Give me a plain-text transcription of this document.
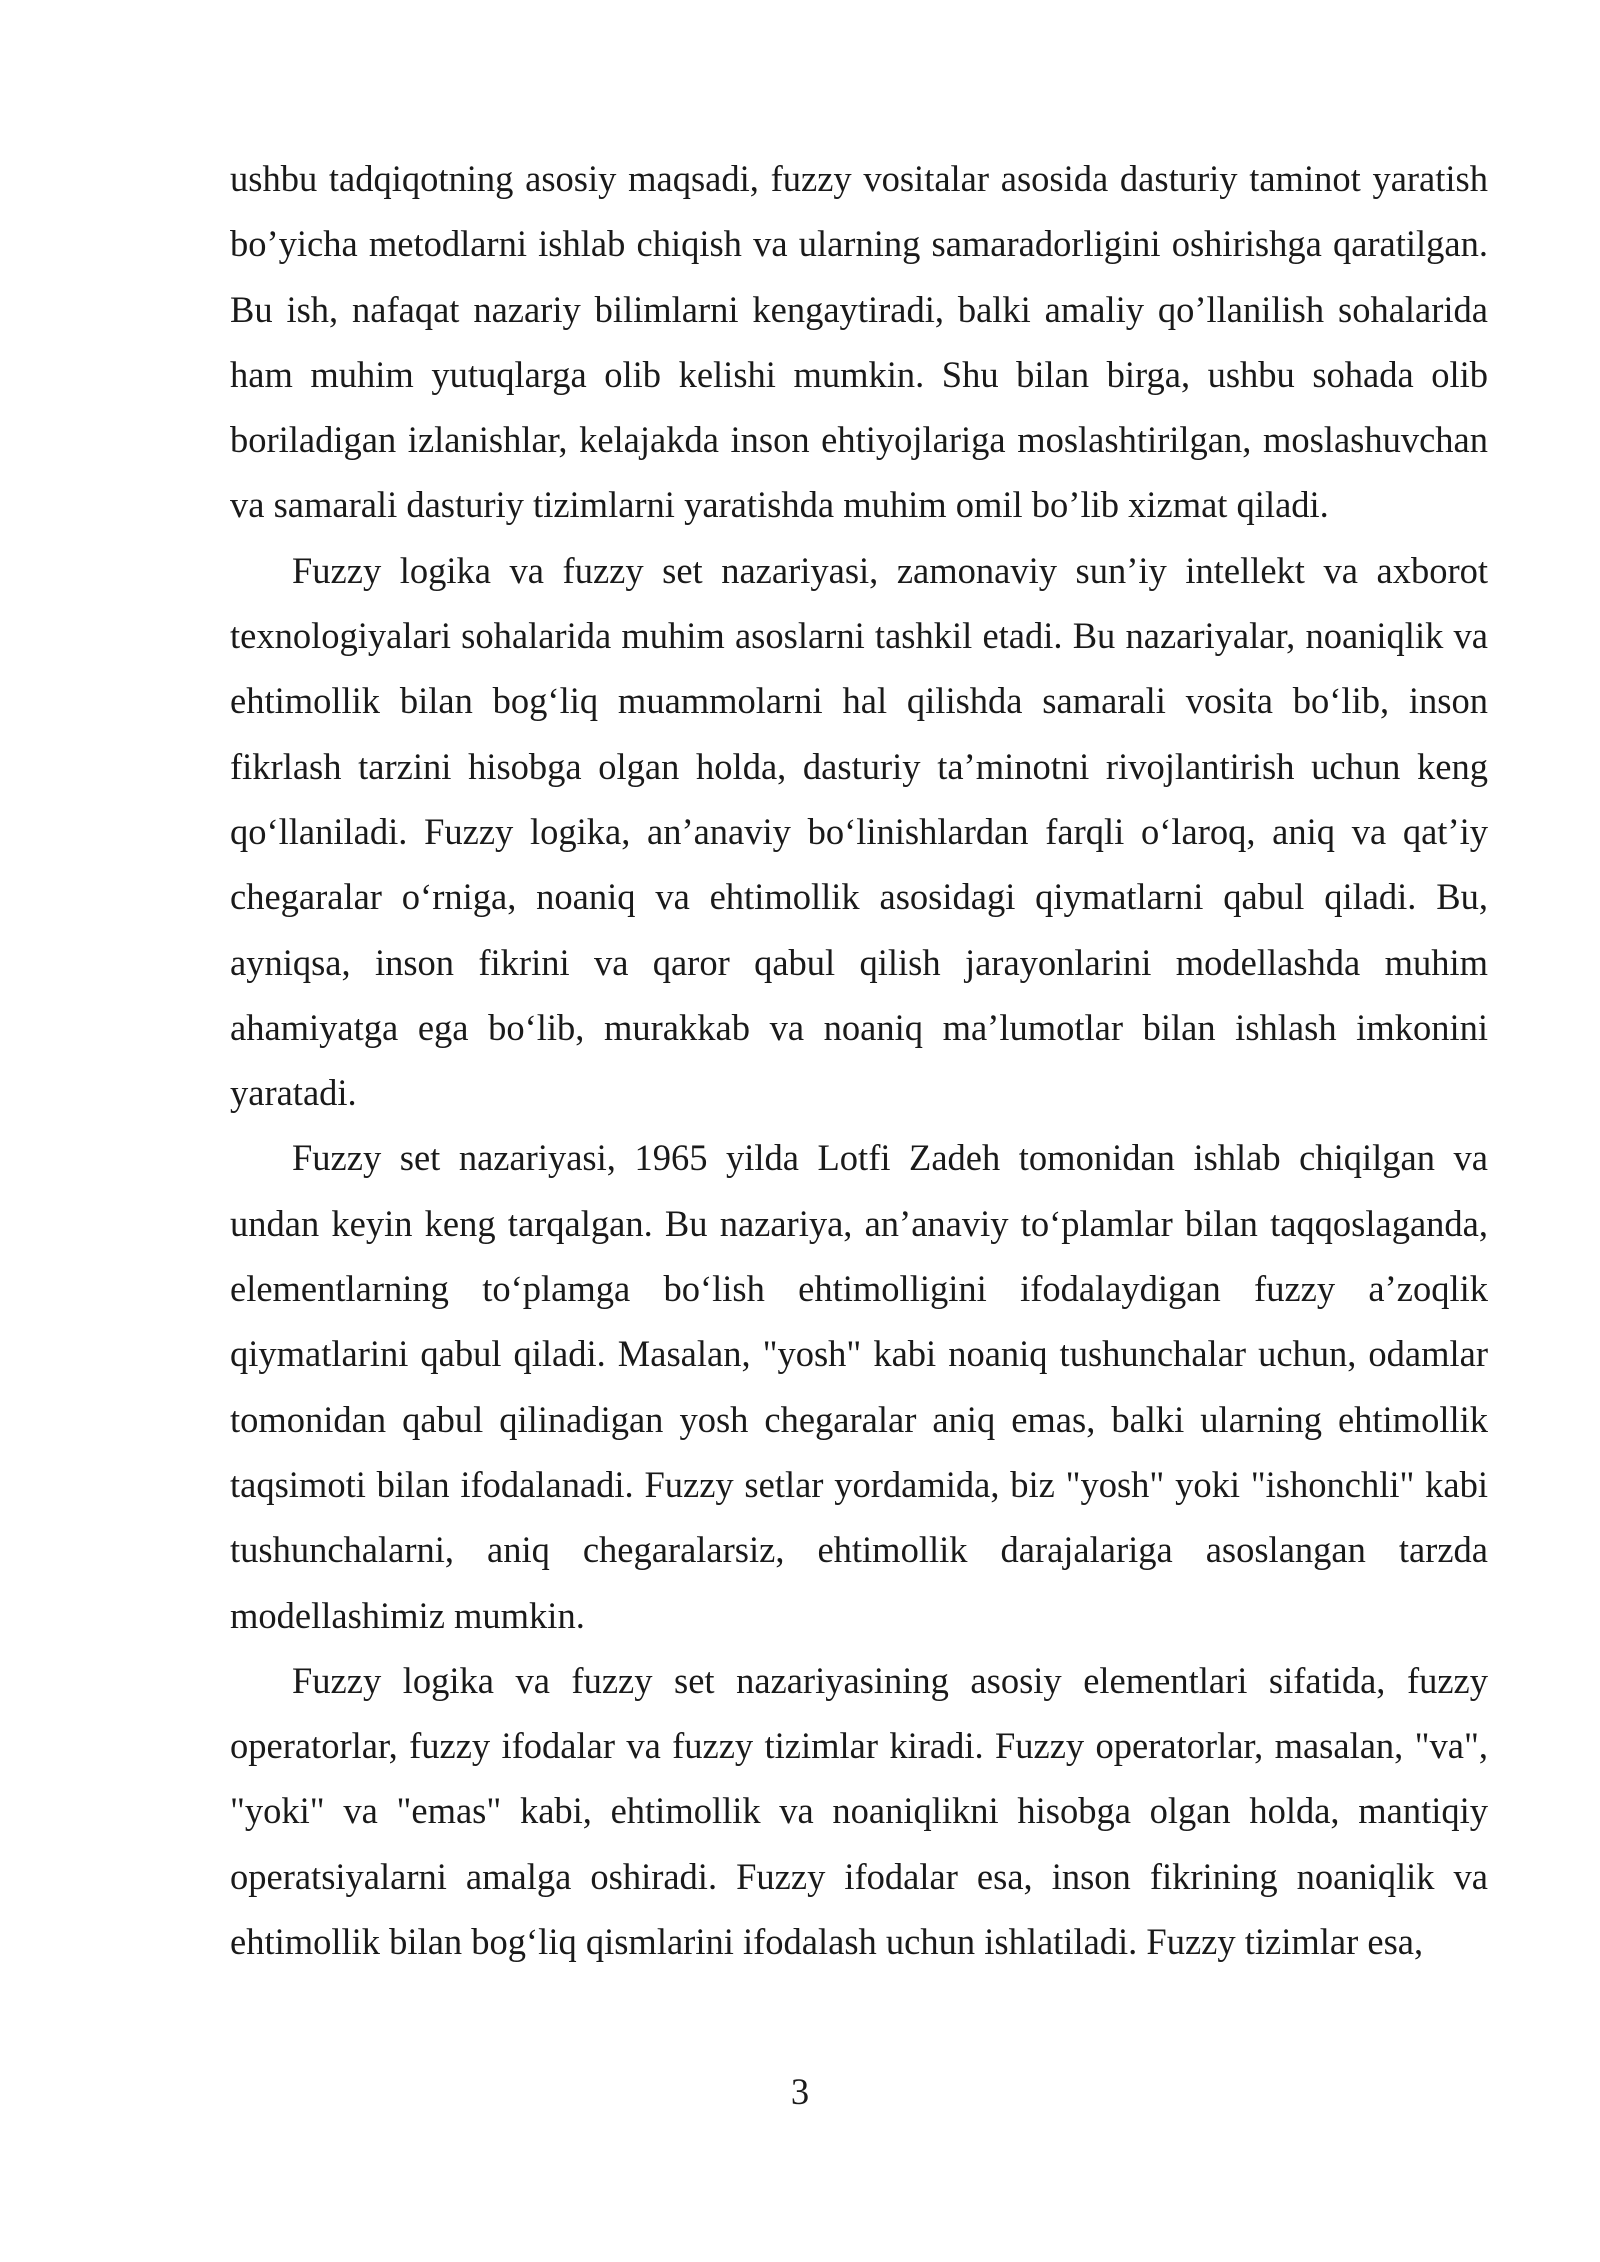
ushbu tadqiqotning asosiy maqsadi, fuzzy vositalar asosida dasturiy taminot yaratish bo’yicha metodlarni ishlab chiqish va ularning samaradorligini oshirishga qaratilgan. Bu ish, nafaqat nazariy bilimlarni kengaytiradi, balki amaliy qo’llanilish sohalarida ham muhim yutuqlarga olib kelishi mumkin. Shu bilan birga, ushbu sohada olib boriladigan izlanishlar, kelajakda inson ehtiyojlariga moslashtirilgan, moslashuvchan va samarali dasturiy tizimlarni yaratishda muhim omil bo’lib xizmat qiladi.

Fuzzy logika va fuzzy set nazariyasi, zamonaviy sun’iy intellekt va axborot texnologiyalari sohalarida muhim asoslarni tashkil etadi. Bu nazariyalar, noaniqlik va ehtimollik bilan bog‘liq muammolarni hal qilishda samarali vosita bo‘lib, inson fikrlash tarzini hisobga olgan holda, dasturiy ta’minotni rivojlantirish uchun keng qo‘llaniladi. Fuzzy logika, an’anaviy bo‘linishlardan farqli o‘laroq, aniq va qat’iy chegaralar o‘rniga, noaniq va ehtimollik asosidagi qiymatlarni qabul qiladi. Bu, ayniqsa, inson fikrini va qaror qabul qilish jarayonlarini modellashda muhim ahamiyatga ega bo‘lib, murakkab va noaniq ma’lumotlar bilan ishlash imkonini yaratadi.

Fuzzy set nazariyasi, 1965 yilda Lotfi Zadeh tomonidan ishlab chiqilgan va undan keyin keng tarqalgan. Bu nazariya, an’anaviy to‘plamlar bilan taqqoslaganda, elementlarning to‘plamga bo‘lish ehtimolligini ifodalaydigan fuzzy a’zoqlik qiymatlarini qabul qiladi. Masalan, "yosh" kabi noaniq tushunchalar uchun, odamlar tomonidan qabul qilinadigan yosh chegaralar aniq emas, balki ularning ehtimollik taqsimoti bilan ifodalanadi. Fuzzy setlar yordamida, biz "yosh" yoki "ishonchli" kabi tushunchalarni, aniq chegaralarsiz, ehtimollik darajalariga asoslangan tarzda modellashimiz mumkin.

Fuzzy logika va fuzzy set nazariyasining asosiy elementlari sifatida, fuzzy operatorlar, fuzzy ifodalar va fuzzy tizimlar kiradi. Fuzzy operatorlar, masalan, "va", "yoki" va "emas" kabi, ehtimollik va noaniqlikni hisobga olgan holda, mantiqiy operatsiyalarni amalga oshiradi. Fuzzy ifodalar esa, inson fikrining noaniqlik va ehtimollik bilan bog‘liq qismlarini ifodalash uchun ishlatiladi. Fuzzy tizimlar esa,

3
